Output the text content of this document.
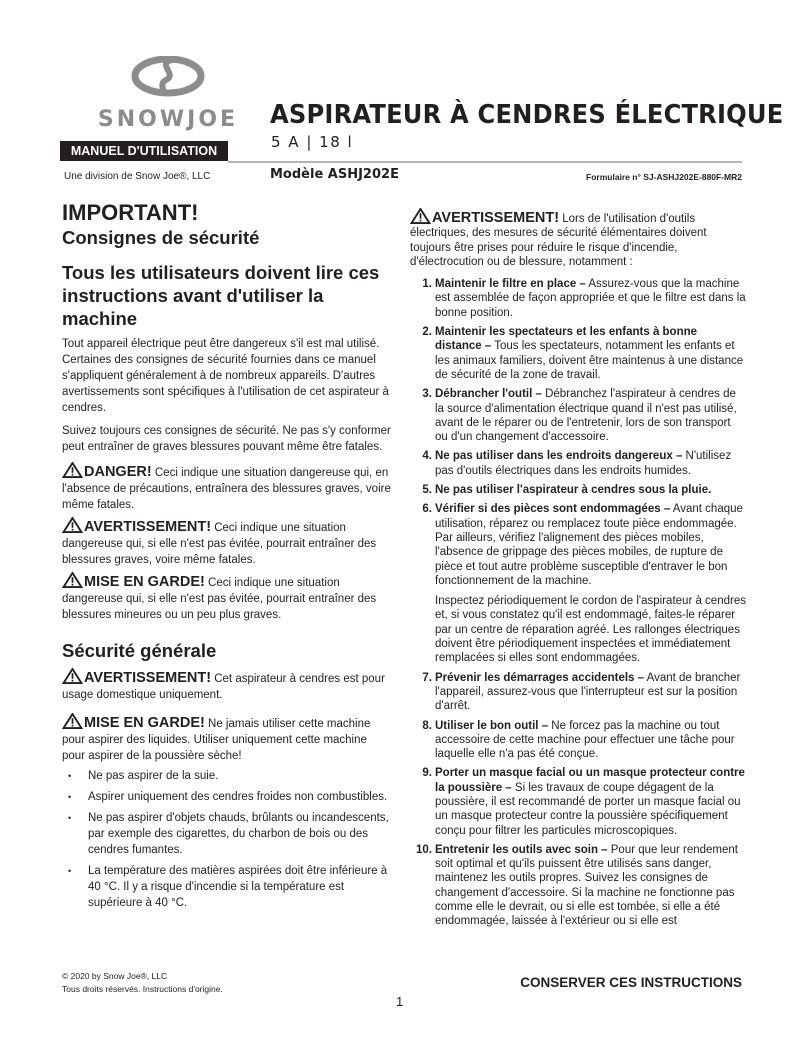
SNOWJOE ASPIRATEUR À CENDRES ÉLECTRIQUE
5 A | 18 l
MANUEL D'UTILISATION
Une division de Snow Joe®, LLC	Modèle ASHJ202E	Formulaire n° SJ-ASHJ202E-880F-MR2
IMPORTANT!
Consignes de sécurité
Tous les utilisateurs doivent lire ces instructions avant d'utiliser la machine

Tout appareil électrique peut être dangereux s'il est mal utilisé. Certaines des consignes de sécurité fournies dans ce manuel s'appliquent généralement à de nombreux appareils. D'autres avertissements sont spécifiques à l'utilisation de cet aspirateur à cendres.

Suivez toujours ces consignes de sécurité. Ne pas s'y conformer peut entraîner de graves blessures pouvant même être fatales.

DANGER! Ceci indique une situation dangereuse qui, en l'absence de précautions, entraînera des blessures graves, voire même fatales.

AVERTISSEMENT! Ceci indique une situation dangereuse qui, si elle n'est pas évitée, pourrait entraîner des blessures graves, voire même fatales.

MISE EN GARDE! Ceci indique une situation dangereuse qui, si elle n'est pas évitée, pourrait entraîner des blessures mineures ou un peu plus graves.

Sécurité générale

AVERTISSEMENT! Cet aspirateur à cendres est pour usage domestique uniquement.

MISE EN GARDE! Ne jamais utiliser cette machine pour aspirer des liquides. Utiliser uniquement cette machine pour aspirer de la poussière sèche!

• Ne pas aspirer de la suie.
• Aspirer uniquement des cendres froides non combustibles.
• Ne pas aspirer d'objets chauds, brûlants ou incandescents, par exemple des cigarettes, du charbon de bois ou des cendres fumantes.
• La température des matières aspirées doit être inférieure à 40 °C. Il y a risque d'incendie si la température est supérieure à 40 °C.

AVERTISSEMENT! Lors de l'utilisation d'outils électriques, des mesures de sécurité élémentaires doivent toujours être prises pour réduire le risque d'incendie, d'électrocution ou de blessure, notamment :

1. Maintenir le filtre en place – Assurez-vous que la machine est assemblée de façon appropriée et que le filtre est dans la bonne position.
2. Maintenir les spectateurs et les enfants à bonne distance – Tous les spectateurs, notamment les enfants et les animaux familiers, doivent être maintenus à une distance de sécurité de la zone de travail.
3. Débrancher l'outil – Débranchez l'aspirateur à cendres de la source d'alimentation électrique quand il n'est pas utilisé, avant de le réparer ou de l'entretenir, lors de son transport ou d'un changement d'accessoire.
4. Ne pas utiliser dans les endroits dangereux – N'utilisez pas d'outils électriques dans les endroits humides.
5. Ne pas utiliser l'aspirateur à cendres sous la pluie.
6. Vérifier si des pièces sont endommagées – Avant chaque utilisation, réparez ou remplacez toute pièce endommagée. Par ailleurs, vérifiez l'alignement des pièces mobiles, l'absence de grippage des pièces mobiles, de rupture de pièce et tout autre problème susceptible d'entraver le bon fonctionnement de la machine.
Inspectez périodiquement le cordon de l'aspirateur à cendres et, si vous constatez qu'il est endommagé, faites-le réparer par un centre de réparation agréé. Les rallonges électriques doivent être périodiquement inspectées et immédiatement remplacées si elles sont endommagées.
7. Prévenir les démarrages accidentels – Avant de brancher l'appareil, assurez-vous que l'interrupteur est sur la position d'arrêt.
8. Utiliser le bon outil – Ne forcez pas la machine ou tout accessoire de cette machine pour effectuer une tâche pour laquelle elle n'a pas été conçue.
9. Porter un masque facial ou un masque protecteur contre la poussière – Si les travaux de coupe dégagent de la poussière, il est recommandé de porter un masque facial ou un masque protecteur contre la poussière spécifiquement conçu pour filtrer les particules microscopiques.
10. Entretenir les outils avec soin – Pour que leur rendement soit optimal et qu'ils puissent être utilisés sans danger, maintenez les outils propres. Suivez les consignes de changement d'accessoire. Si la machine ne fonctionne pas comme elle le devrait, ou si elle est tombée, si elle a été endommagée, laissée à l'extérieur ou si elle est
© 2020 by Snow Joe®, LLC
Tous droits réservés. Instructions d'origine.	CONSERVER CES INSTRUCTIONS
1
